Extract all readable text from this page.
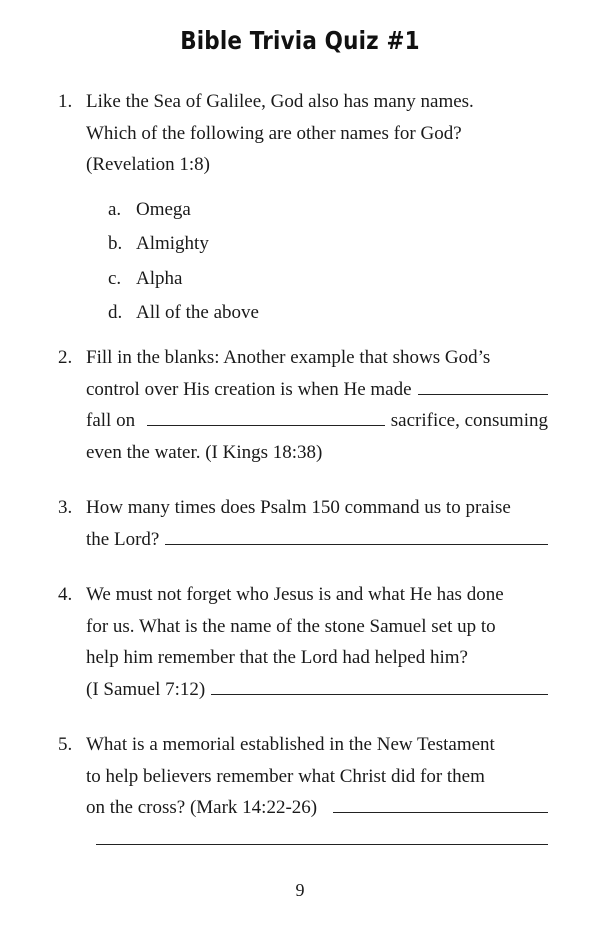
Bible Trivia Quiz #1
1. Like the Sea of Galilee, God also has many names.
Which of the following are other names for God?
(Revelation 1:8)
a. Omega
b. Almighty
c. Alpha
d. All of the above
2. Fill in the blanks: Another example that shows God’s
control over His creation is when He made
fall on	sacrifice, consuming
even the water. (I Kings 18:38)
3. How many times does Psalm 150 command us to praise
the Lord?
4. We must not forget who Jesus is and what He has done
for us. What is the name of the stone Samuel set up to
help him remember that the Lord had helped him?
(I Samuel 7:12)
5. What is a memorial established in the New Testament
to help believers remember what Christ did for them
on the cross? (Mark 14:22-26)
9
